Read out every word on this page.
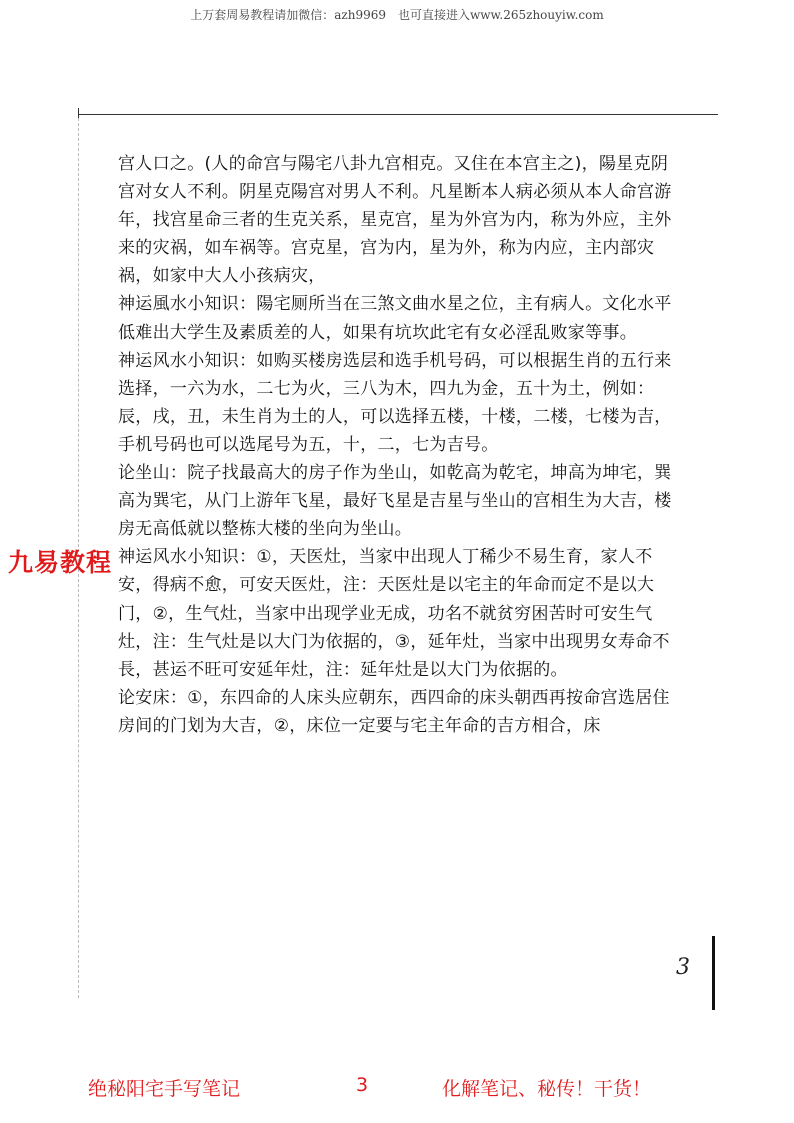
上万套周易教程请加微信：azh9969　也可直接进入www.265zhouyiw.com

宫人口之。(人的命宫与陽宅八卦九宫相克。又住在本宫主之)，陽星克阴宫对女人不利。阴星克陽宫对男人不利。凡星断本人病必须从本人命宫游年，找宫星命三者的生克关系，星克宫，星为外宫为内，称为外应，主外来的灾祸，如车祸等。宫克星，宫为内，星为外，称为内应，主内部灾祸，如家中大人小孩病灾，

神运風水小知识：陽宅厕所当在三煞文曲水星之位，主有病人。文化水平低难出大学生及素质差的人，如果有坑坎此宅有女必淫乱败家等事。

神运风水小知识：如购买楼房选层和选手机号码，可以根据生肖的五行来选择，一六为水，二七为火，三八为木，四九为金，五十为土，例如：辰，戌，丑，未生肖为土的人，可以选择五楼，十楼，二楼，七楼为吉，手机号码也可以选尾号为五，十，二，七为吉号。

论坐山：院子找最高大的房子作为坐山，如乾高为乾宅，坤高为坤宅，巽高为巽宅，从门上游年飞星，最好飞星是吉星与坐山的宫相生为大吉，楼房无高低就以整栋大楼的坐向为坐山。

神运风水小知识：①，天医灶，当家中出现人丁稀少不易生育，家人不安，得病不愈，可安天医灶，注：天医灶是以宅主的年命而定不是以大门，②，生气灶，当家中出现学业无成，功名不就贫穷困苦时可安生气灶，注：生气灶是以大门为依据的，③，延年灶，当家中出现男女寿命不長，甚运不旺可安延年灶，注：延年灶是以大门为依据的。

论安床：①，东四命的人床头应朝东，西四命的床头朝西再按命宫选居住房间的门划为大吉，②，床位一定要与宅主年命的吉方相合，床

九易教程
3
绝秘阳宅手写笔记	3	化解笔记、秘传！干货！
